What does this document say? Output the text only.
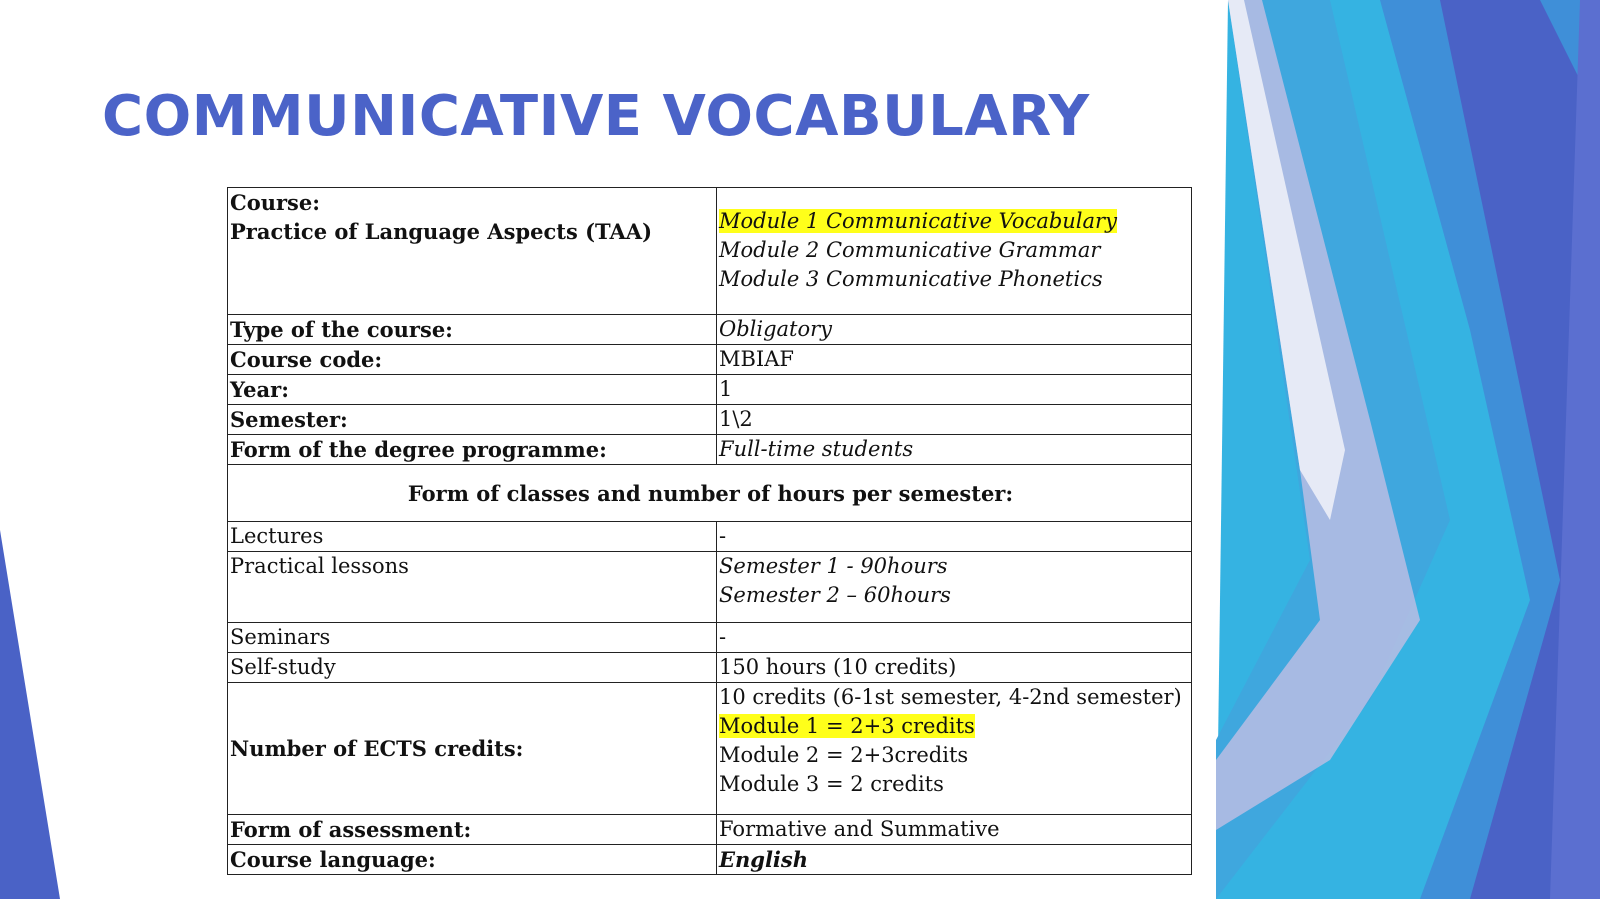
COMMUNICATIVE VOCABULARY
Course:
Practice of Language Aspects (TAA)	Module 1 Communicative Vocabulary
Module 2 Communicative Grammar
Module 3 Communicative Phonetics

Type of the course:	Obligatory
Course code:	MBIAF
Year:	1
Semester:	1\2
Form of the degree programme:	Full-time students
Form of classes and number of hours per semester:	
Lectures	-
Practical lessons	Semester 1 - 90hours
Semester 2 – 60hours

Seminars	-
Self-study	150 hours (10 credits)
Number of ECTS credits:	10 credits (6-1st semester, 4-2nd semester)
Module 1 = 2+3 credits
Module 2 = 2+3credits
Module 3 = 2 credits

Form of assessment:	Formative and Summative
Course language:	English
